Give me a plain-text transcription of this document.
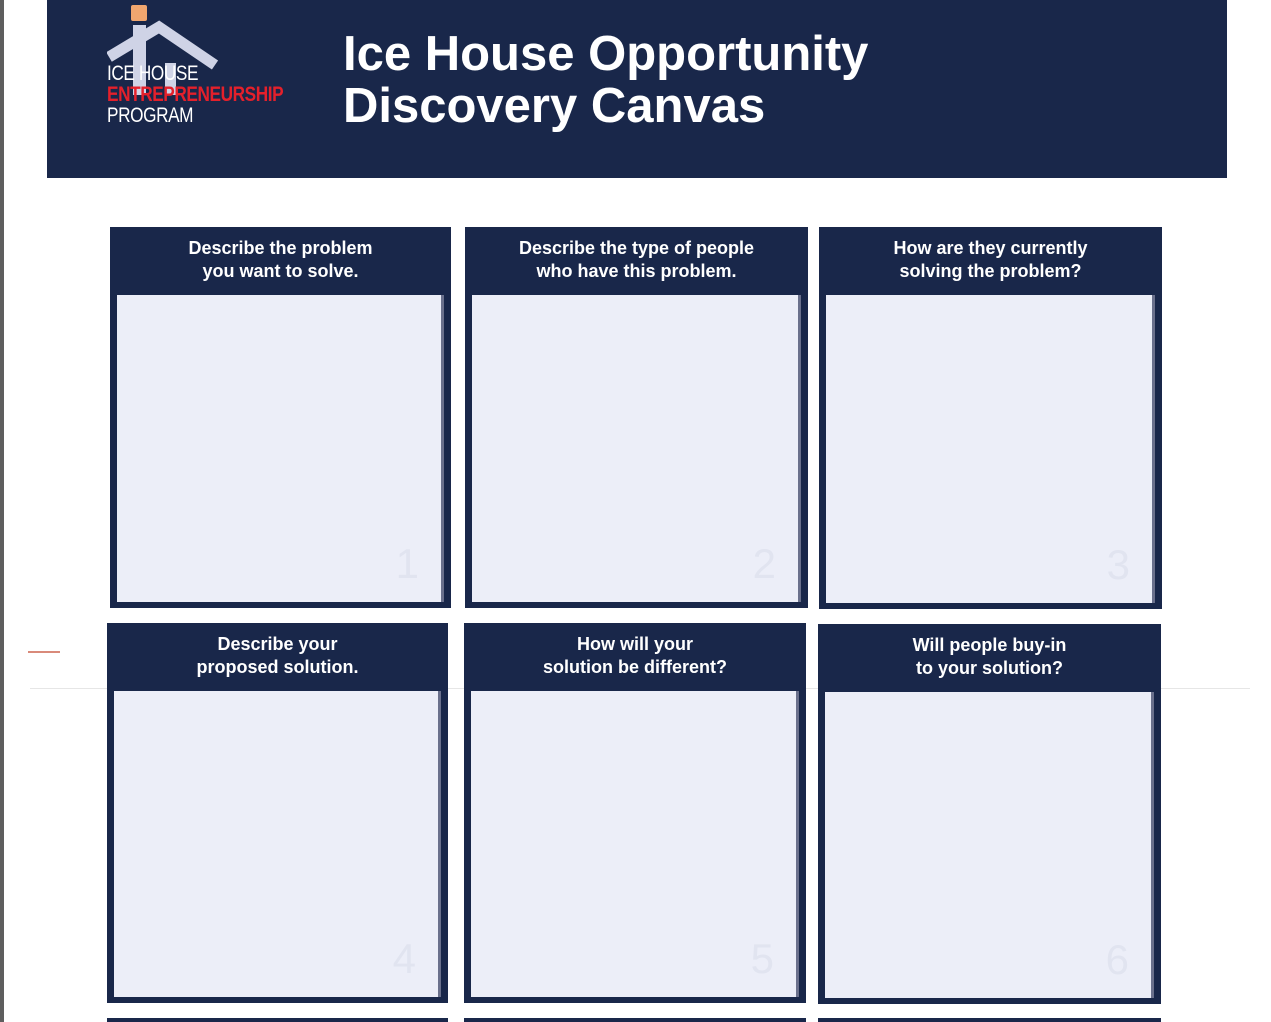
ICE HOUSE
ENTREPRENEURSHIP
PROGRAM
Ice House Opportunity
Discovery Canvas
Describe the problem
you want to solve.
1
Describe the type of people
who have this problem.
2
How are they currently
solving the problem?
3
Describe your
proposed solution.
4
How will your
solution be different?
5
Will people buy-in
to your solution?
6
